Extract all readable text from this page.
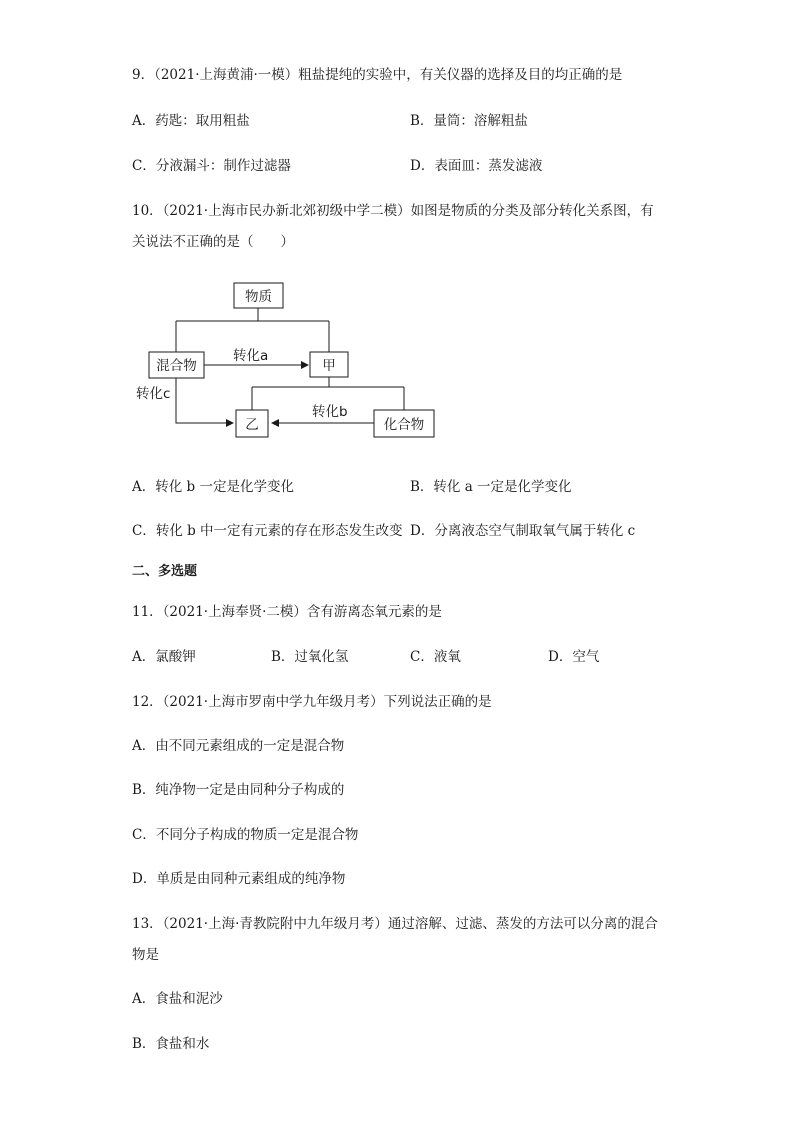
9．（2021·上海黄浦·一模）粗盐提纯的实验中，有关仪器的选择及目的均正确的是
A．药匙：取用粗盐	B．量筒：溶解粗盐
C．分液漏斗：制作过滤器	D．表面皿：蒸发滤液
10．（2021·上海市民办新北郊初级中学二模）如图是物质的分类及部分转化关系图，有
关说法不正确的是（　　）
物质
混合物	甲
乙	化合物
转化a
转化b
转化c
A．转化 b 一定是化学变化	B．转化 a 一定是化学变化
C．转化 b 中一定有元素的存在形态发生改变 D．分离液态空气制取氧气属于转化 c
二、多选题
11．（2021·上海奉贤·二模）含有游离态氧元素的是
A．氯酸钾	B．过氧化氢	C．液氧	D．空气
12．（2021·上海市罗南中学九年级月考）下列说法正确的是
A．由不同元素组成的一定是混合物
B．纯净物一定是由同种分子构成的
C．不同分子构成的物质一定是混合物
D．单质是由同种元素组成的纯净物
13．（2021·上海·青教院附中九年级月考）通过溶解、过滤、蒸发的方法可以分离的混合
物是
A．食盐和泥沙
B．食盐和水
